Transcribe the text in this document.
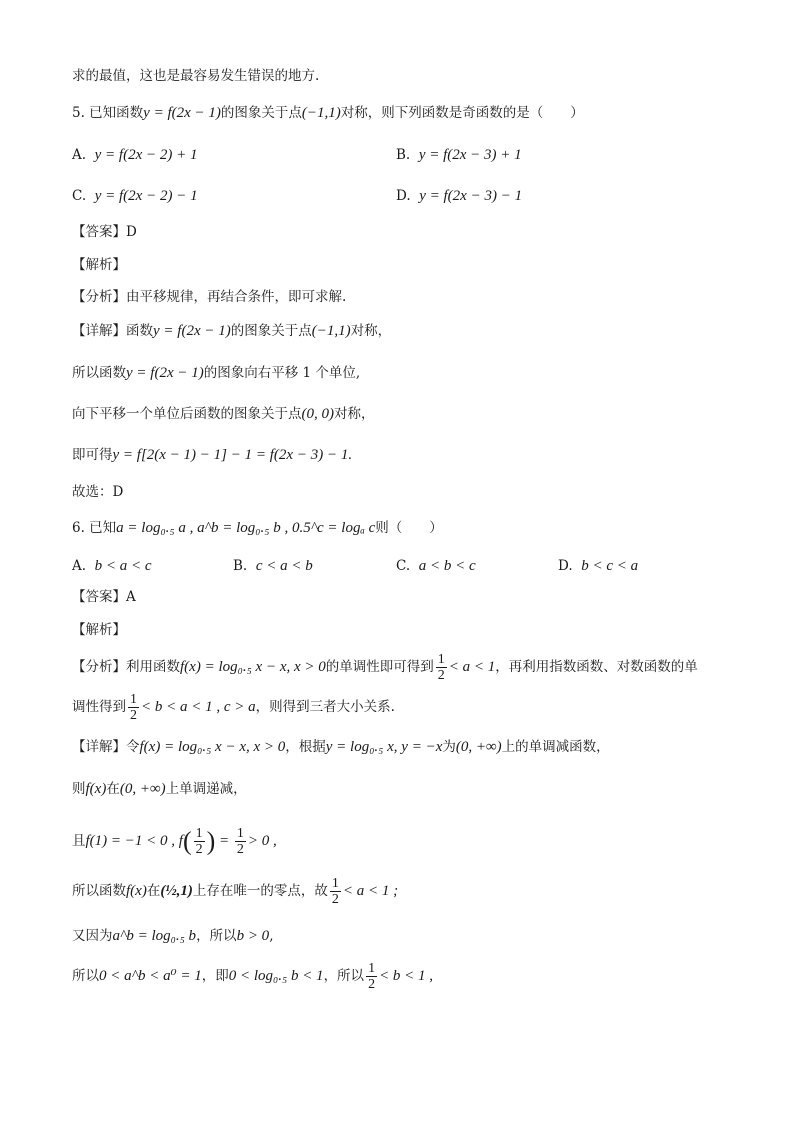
求的最值，这也是最容易发生错误的地方.
5. 已知函数y = f(2x − 1)的图象关于点(−1,1)对称，则下列函数是奇函数的是（　　）
A. y = f(2x − 2) + 1	B. y = f(2x − 3) + 1
C. y = f(2x − 2) − 1	D. y = f(2x − 3) − 1
【答案】D
【解析】
【分析】由平移规律，再结合条件，即可求解.
【详解】函数y = f(2x − 1)的图象关于点(−1,1)对称，
所以函数y = f(2x − 1)的图象向右平移 1 个单位,
向下平移一个单位后函数的图象关于点(0, 0)对称，
即可得y = f[2(x − 1) − 1] − 1 = f(2x − 3) − 1.
故选：D
6. 已知a = log₀.₅ a , a^b = log₀.₅ b , 0.5^c = logₐ c则（　　）
A. b < a < c	B. c < a < b	C. a < b < c	D. b < c < a
【答案】A
【解析】
【分析】利用函数f(x) = log₀.₅ x − x, x > 0的单调性即可得到 $\frac{1}{2} < a < 1$，再利用指数函数、对数函数的单
调性得到 $\frac{1}{2} < b < a < 1$ , c > a，则得到三者大小关系.
【详解】令f(x) = log₀.₅ x − x, x > 0，根据y = log₀.₅ x, y = −x为(0, +∞)上的单调减函数，
则f(x)在(0, +∞)上单调递减，
且f(1) = −1 < 0 , $f( \frac{1}{2}$ ) = $\frac{1}{2} > 0$ ,
所以函数f(x)在(½,1)上存在唯一的零点，故 $\frac{1}{2} < a < 1$ ;
又因为a^b = log₀.₅ b，所以b > 0,
所以0 < a^b < a⁰ = 1，即0 < log₀.₅ b < 1，所以 $\frac{1}{2} < b < 1$ ,
